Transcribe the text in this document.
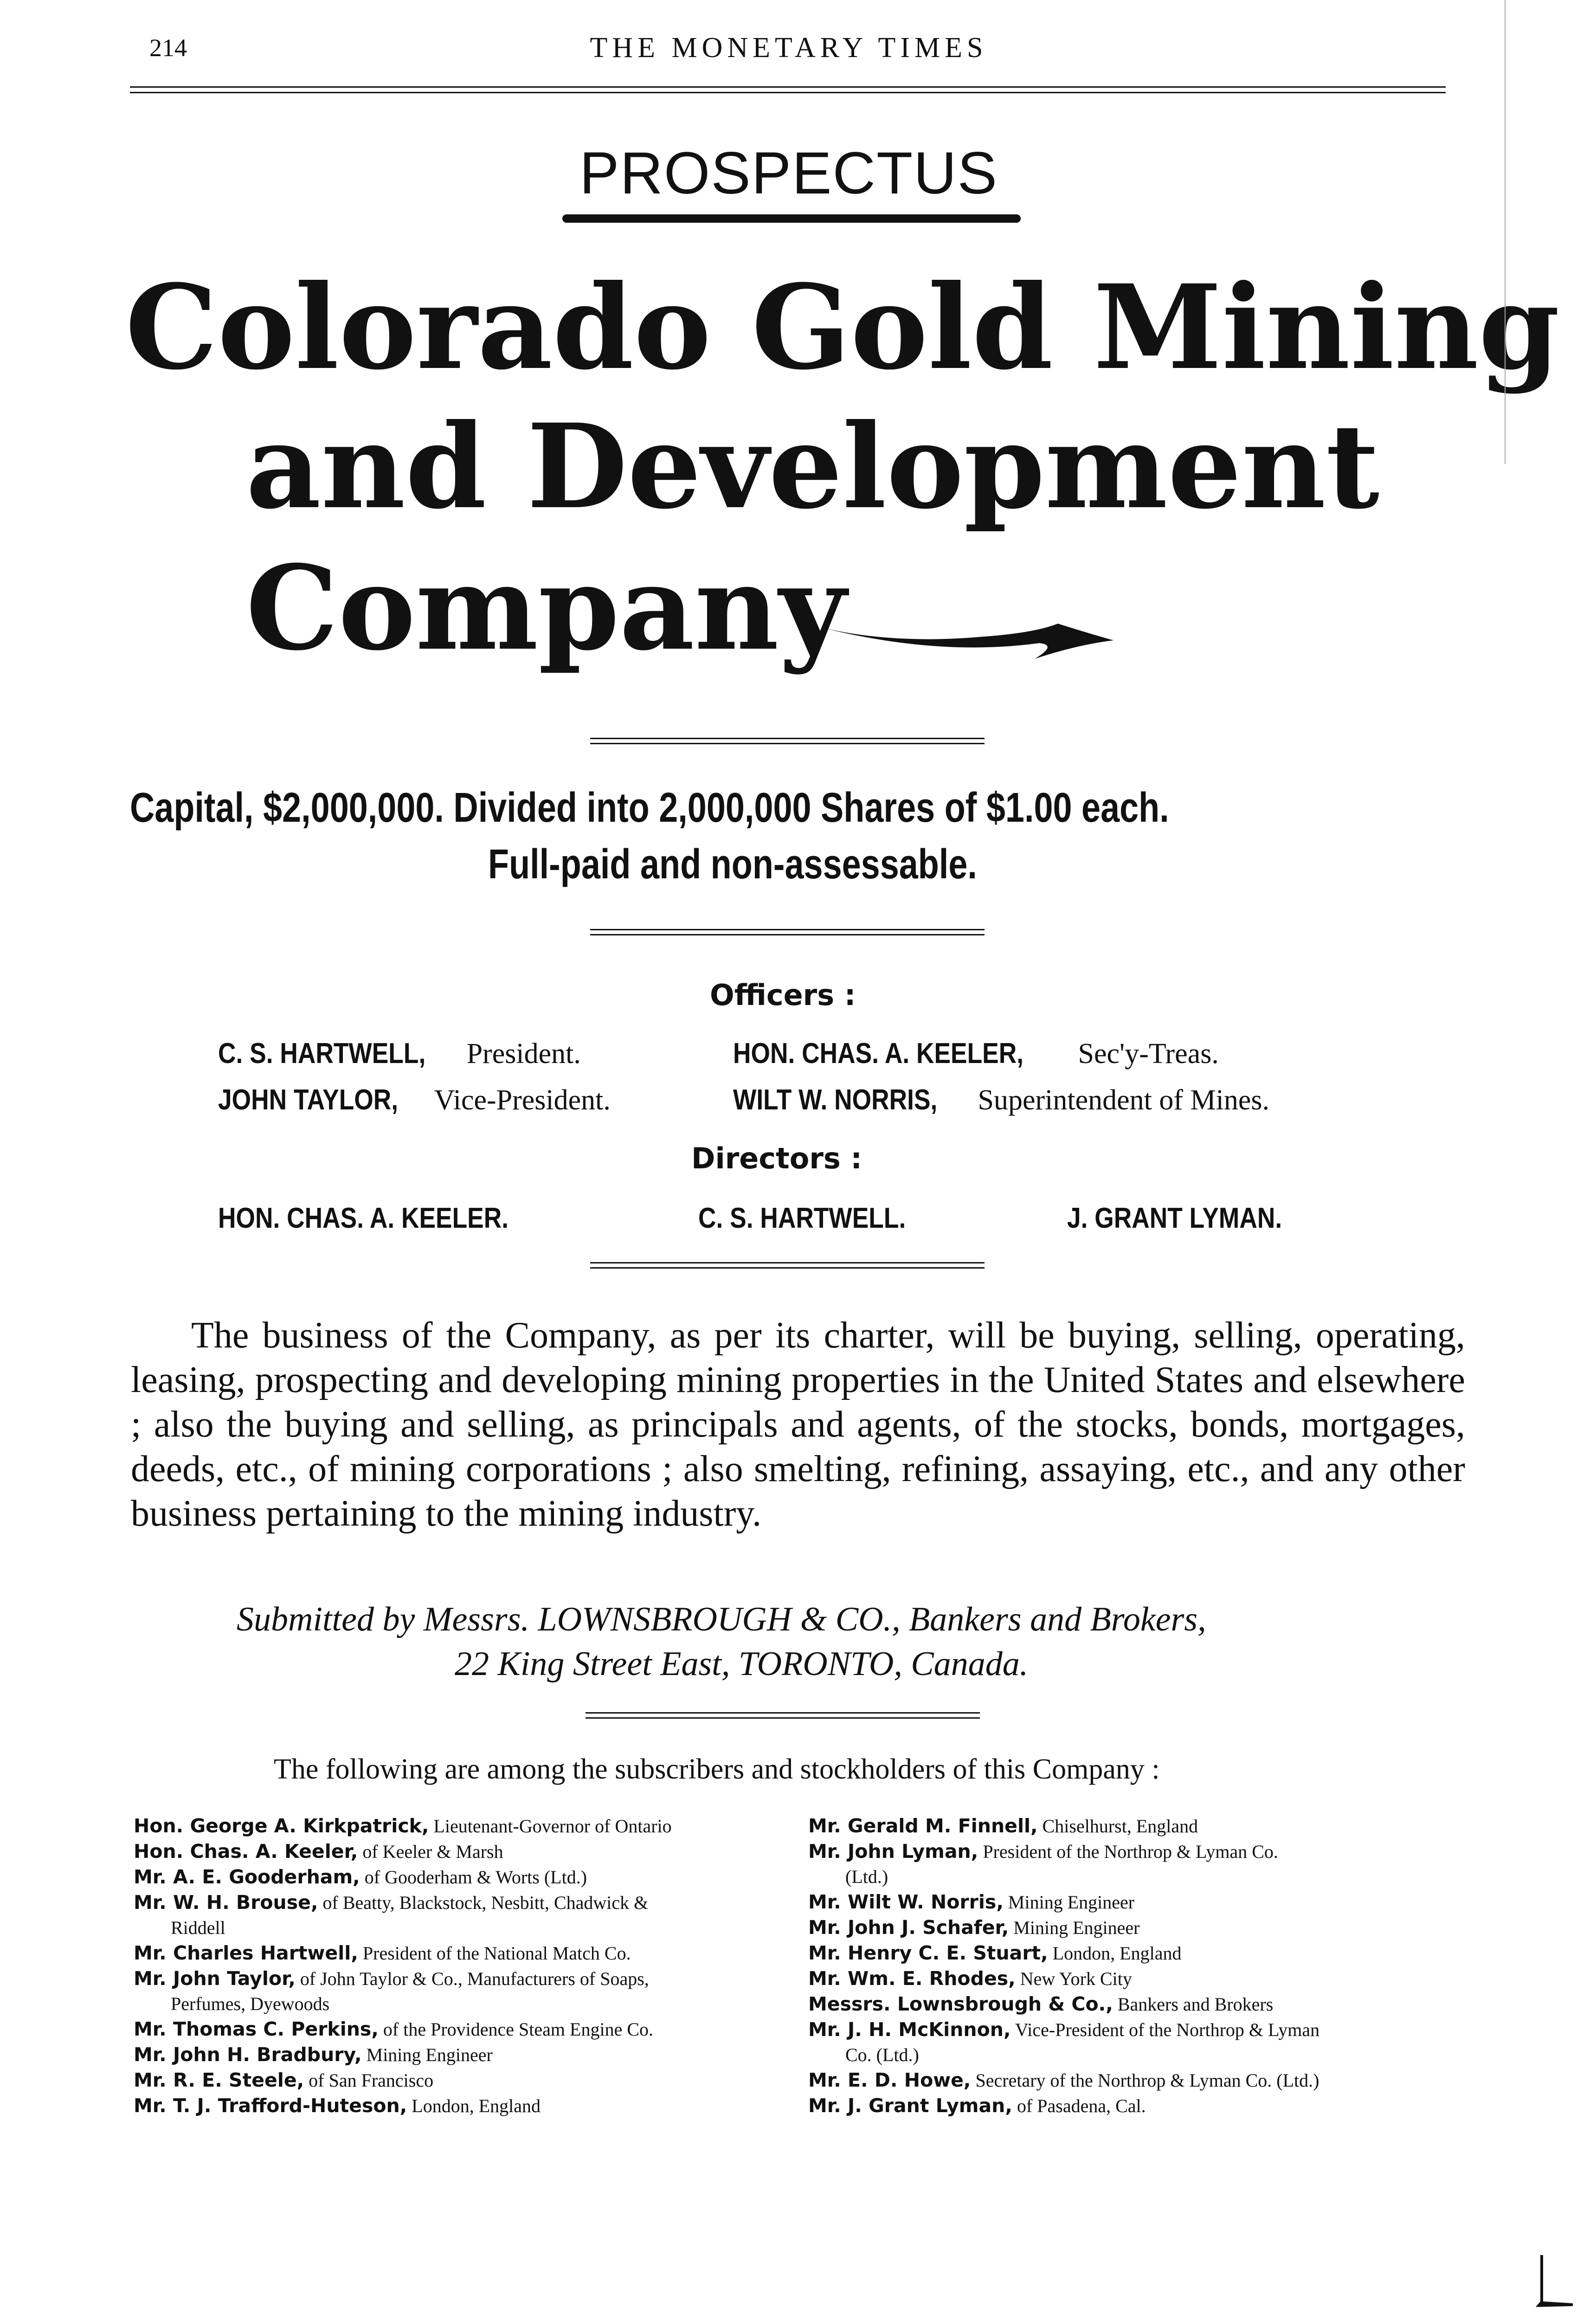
214	THE MONETARY TIMES
PROSPECTUS
Colorado Gold Mining
and Development
Company
Capital, $2,000,000. Divided into 2,000,000 Shares of $1.00 each.
Full-paid and non-assessable.
Officers :
C. S. HARTWELL, President.	HON. CHAS. A. KEELER, Sec'y-Treas.
JOHN TAYLOR, Vice-President.	WILT W. NORRIS, Superintendent of Mines.
Directors :
HON. CHAS. A. KEELER.	C. S. HARTWELL.	J. GRANT LYMAN.
The business of the Company, as per its charter, will be buying, selling, operating, leasing, prospecting and developing mining properties in the United States and elsewhere ; also the buying and selling, as principals and agents, of the stocks, bonds, mortgages, deeds, etc., of mining corporations ; also smelting, refining, assaying, etc., and any other business pertaining to the mining industry.
Submitted by Messrs. LOWNSBROUGH & CO., Bankers and Brokers,
22 King Street East, TORONTO, Canada.
The following are among the subscribers and stockholders of this Company :
Hon. George A. Kirkpatrick, Lieutenant-Governor of Ontario
Hon. Chas. A. Keeler, of Keeler & Marsh
Mr. A. E. Gooderham, of Gooderham & Worts (Ltd.)
Mr. W. H. Brouse, of Beatty, Blackstock, Nesbitt, Chadwick &
Riddell
Mr. Charles Hartwell, President of the National Match Co.
Mr. John Taylor, of John Taylor & Co., Manufacturers of Soaps,
Perfumes, Dyewoods
Mr. Thomas C. Perkins, of the Providence Steam Engine Co.
Mr. John H. Bradbury, Mining Engineer
Mr. R. E. Steele, of San Francisco
Mr. T. J. Trafford-Huteson, London, England
Mr. Gerald M. Finnell, Chiselhurst, England
Mr. John Lyman, President of the Northrop & Lyman Co.
(Ltd.)
Mr. Wilt W. Norris, Mining Engineer
Mr. John J. Schafer, Mining Engineer
Mr. Henry C. E. Stuart, London, England
Mr. Wm. E. Rhodes, New York City
Messrs. Lownsbrough & Co., Bankers and Brokers
Mr. J. H. McKinnon, Vice-President of the Northrop & Lyman
Co. (Ltd.)
Mr. E. D. Howe, Secretary of the Northrop & Lyman Co. (Ltd.)
Mr. J. Grant Lyman, of Pasadena, Cal.
